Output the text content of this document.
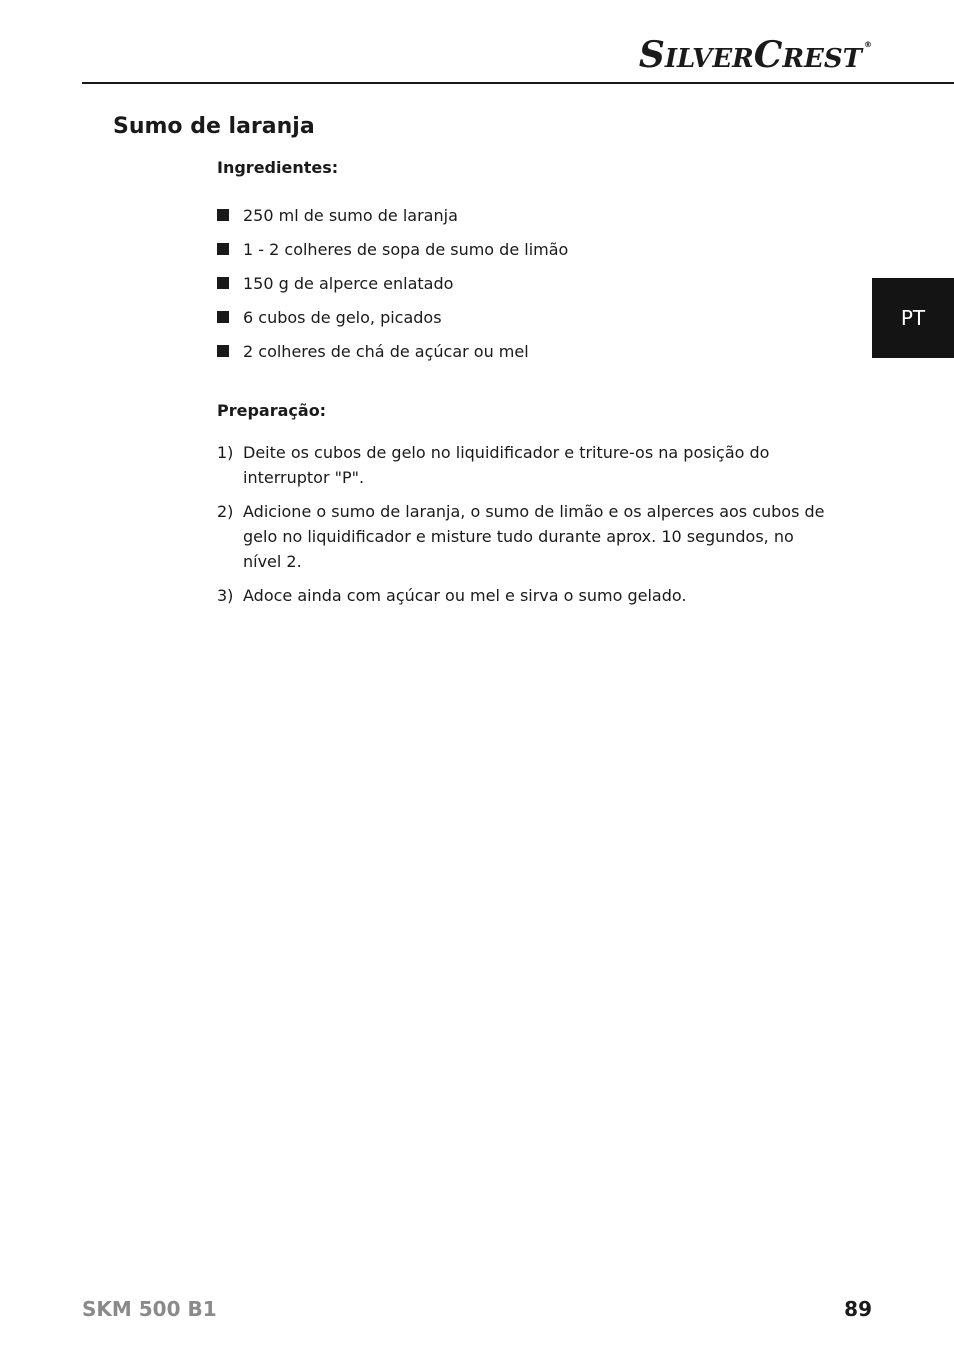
SILVERCREST ®
Sumo de laranja
Ingredientes:
250 ml de sumo de laranja
1 - 2 colheres de sopa de sumo de limão
150 g de alperce enlatado
6 cubos de gelo, picados
2 colheres de chá de açúcar ou mel
Preparação:
1) Deite os cubos de gelo no liquidificador e triture-os na posição do interruptor "P".
2) Adicione o sumo de laranja, o sumo de limão e os alperces aos cubos de gelo no liquidificador e misture tudo durante aprox. 10 segundos, no nível 2.
3) Adoce ainda com açúcar ou mel e sirva o sumo gelado.
PT
SKM 500 B1	89
